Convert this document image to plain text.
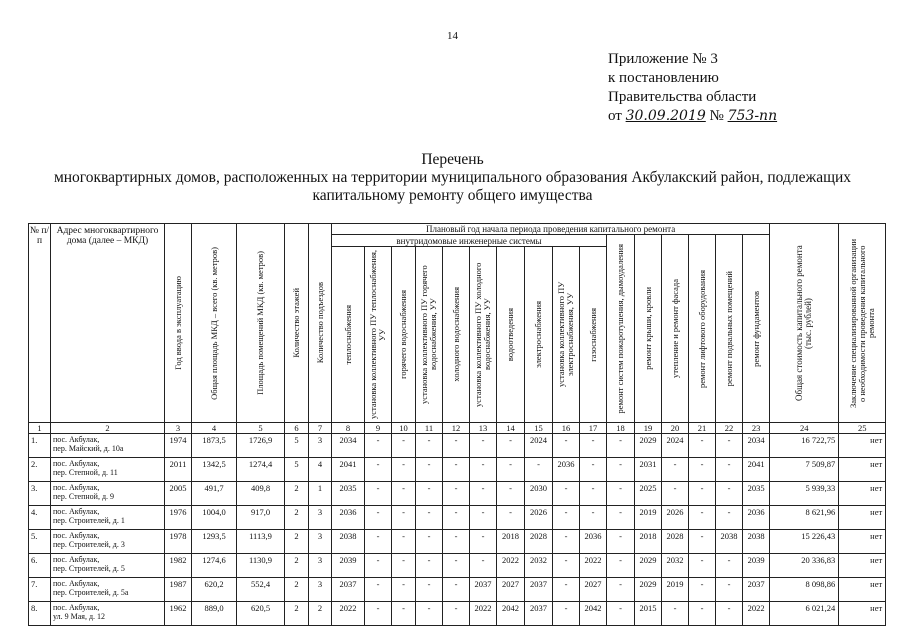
14
Приложение № 3
к постановлению
Правительства области
от 30.09.2019 № 753-пп
Перечень
многоквартирных домов, расположенных на территории муниципального образования Акбулакский район, подлежащих
капитальному ремонту общего имущества
№ п/п	Адрес многоквартирного дома (далее – МКД)	Год ввода в эксплуатацию	Общая площадь МКД – всего (кв. метров)	Площадь помещений МКД (кв. метров)	Количество этажей	Количество подъездов	Плановый год начала периода проведения капитального ремонта																Общая стоимость капитального ремонта (тыс. рублей)	Заключение специализированной организации о необходимости проведения капитального ремонта

							внутридомовые инженерные системы										ремонт систем пожаротушения, дымоудаления	ремонт крыши, кровли	утепление и ремонт фасада	ремонт лифтового оборудования	ремонт подвальных помещений	ремонт фундаментов		

							теплоснабжения	установка коллективного ПУ теплоснабжения, УУ	горячего водоснабжения	установка коллективного ПУ горячего водоснабжения, УУ	холодного водоснабжения	установка коллективного ПУ холодного водоснабжения, УУ	водоотведения	электроснабжения	установка коллективного ПУ электроснабжения, УУ	газоснабжения								

1	2	3	4	5	6	7	8	9	10	11	12	13	14	15	16	17	18	19	20	21	22	23	24	25
1.	пос. Акбулак,
пер. Майский, д. 10а	1974	1873,5	1726,9	5	3	2034	-	-	-	-	-	-	2024	-	-	-	2029	2024	-	-	2034	16 722,75	нет
2.	пос. Акбулак,
пер. Степной, д. 11	2011	1342,5	1274,4	5	4	2041	-	-	-	-	-	-	-	2036	-	-	2031	-	-	-	2041	7 509,87	нет
3.	пос. Акбулак,
пер. Степной, д. 9	2005	491,7	409,8	2	1	2035	-	-	-	-	-	-	2030	-	-	-	2025	-	-	-	2035	5 939,33	нет
4.	пос. Акбулак,
пер. Строителей, д. 1	1976	1004,0	917,0	2	3	2036	-	-	-	-	-	-	2026	-	-	-	2019	2026	-	-	2036	8 621,96	нет
5.	пос. Акбулак,
пер. Строителей, д. 3	1978	1293,5	1113,9	2	3	2038	-	-	-	-	-	2018	2028	-	2036	-	2018	2028	-	2038	2038	15 226,43	нет
6.	пос. Акбулак,
пер. Строителей, д. 5	1982	1274,6	1130,9	2	3	2039	-	-	-	-	-	2022	2032	-	2022	-	2029	2032	-	-	2039	20 336,83	нет
7.	пос. Акбулак,
пер. Строителей, д. 5а	1987	620,2	552,4	2	3	2037	-	-	-	-	2037	2027	2037	-	2027	-	2029	2019	-	-	2037	8 098,86	нет
8.	пос. Акбулак,
ул. 9 Мая, д. 12	1962	889,0	620,5	2	2	2022	-	-	-	-	2022	2042	2037	-	2042	-	2015	-	-	-	2022	6 021,24	нет
